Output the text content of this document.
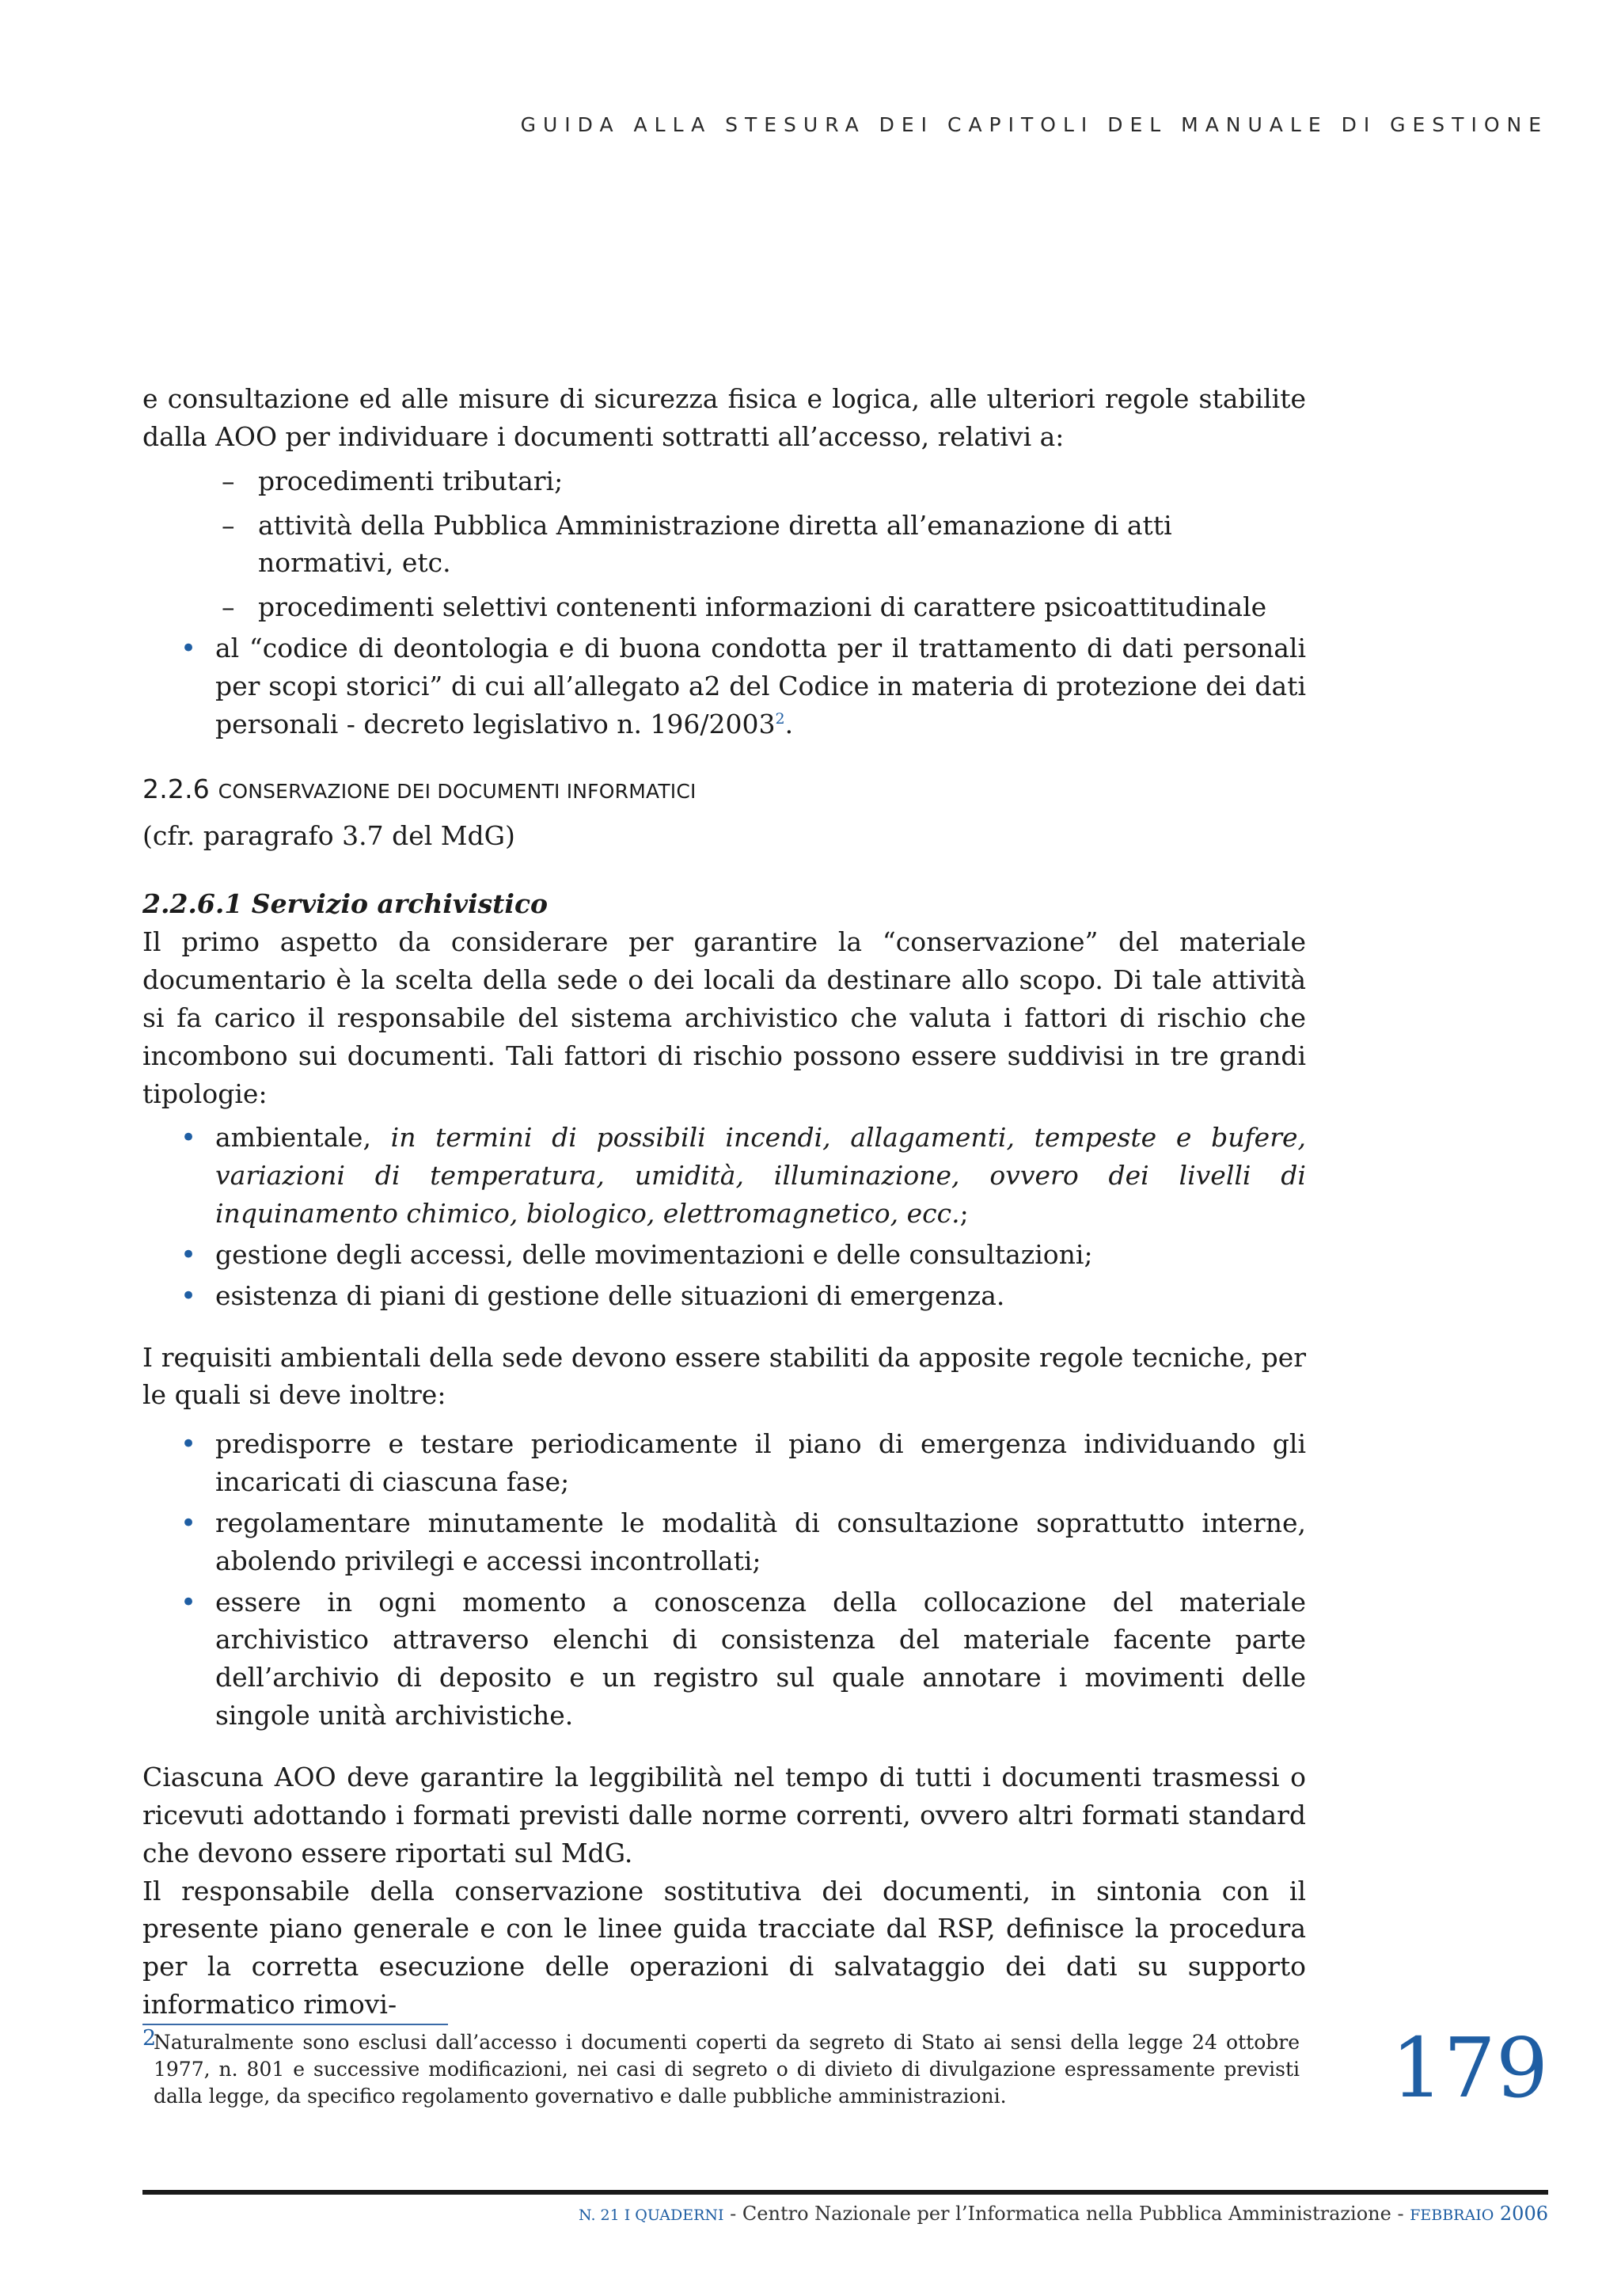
GUIDA ALLA STESURA DEI CAPITOLI DEL MANUALE DI GESTIONE

e consultazione ed alle misure di sicurezza fisica e logica, alle ulteriori regole stabilite dalla AOO per individuare i documenti sottratti all’accesso, relativi a:

– procedimenti tributari;
– attività della Pubblica Amministrazione diretta all’emanazione di atti normativi, etc.
– procedimenti selettivi contenenti informazioni di carattere psicoattitudinale
• al “codice di deontologia e di buona condotta per il trattamento di dati personali per scopi storici” di cui all’allegato a2 del Codice in materia di protezione dei dati personali - decreto legislativo n. 196/2003$^2$.
2.2.6 CONSERVAZIONE DEI DOCUMENTI INFORMATICI

(cfr. paragrafo 3.7 del MdG)

2.2.6.1 Servizio archivistico

Il primo aspetto da considerare per garantire la “conservazione” del materiale documentario è la scelta della sede o dei locali da destinare allo scopo. Di tale attività si fa carico il responsabile del sistema archivistico che valuta i fattori di rischio che incombono sui documenti. Tali fattori di rischio possono essere suddivisi in tre grandi tipologie:

• ambientale, in termini di possibili incendi, allagamenti, tempeste e bufere, variazioni di temperatura, umidità, illuminazione, ovvero dei livelli di inquinamento chimico, biologico, elettromagnetico, ecc.;
• gestione degli accessi, delle movimentazioni e delle consultazioni;
• esistenza di piani di gestione delle situazioni di emergenza.

I requisiti ambientali della sede devono essere stabiliti da apposite regole tecniche, per le quali si deve inoltre:

• predisporre e testare periodicamente il piano di emergenza individuando gli incaricati di ciascuna fase;
• regolamentare minutamente le modalità di consultazione soprattutto interne, abolendo privilegi e accessi incontrollati;
• essere in ogni momento a conoscenza della collocazione del materiale archivistico attraverso elenchi di consistenza del materiale facente parte dell’archivio di deposito e un registro sul quale annotare i movimenti delle singole unità archivistiche.

Ciascuna AOO deve garantire la leggibilità nel tempo di tutti i documenti trasmessi o ricevuti adottando i formati previsti dalle norme correnti, ovvero altri formati standard che devono essere riportati sul MdG.

Il responsabile della conservazione sostitutiva dei documenti, in sintonia con il presente piano generale e con le linee guida tracciate dal RSP, definisce la procedura per la corretta esecuzione delle operazioni di salvataggio dei dati su supporto informatico rimovi-

2
Naturalmente sono esclusi dall’accesso i documenti coperti da segreto di Stato ai sensi della legge 24 ottobre 1977, n. 801 e successive modificazioni, nei casi di segreto o di divieto di divulgazione espressamente previsti dalla legge, da specifico regolamento governativo e dalle pubbliche amministrazioni.	179
N. 21 I QUADERNI - Centro Nazionale per l’Informatica nella Pubblica Amministrazione - FEBBRAIO 2006
